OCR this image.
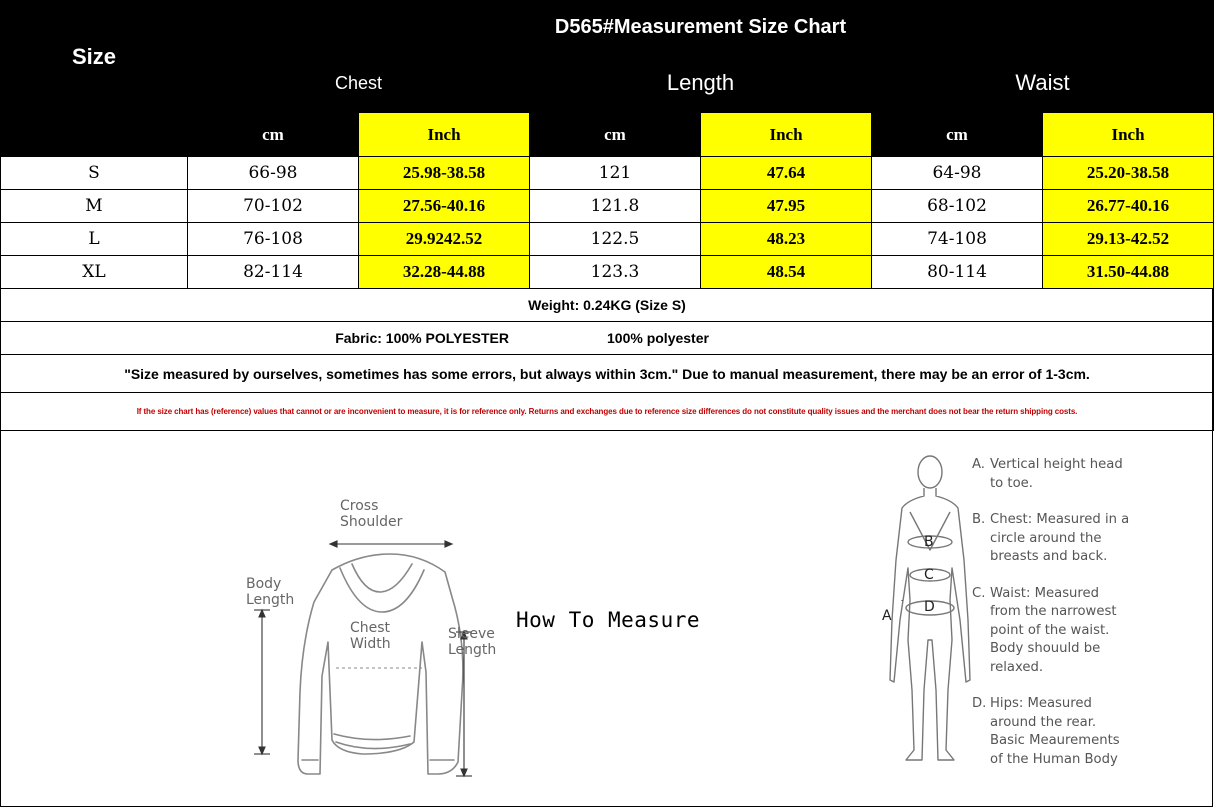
Size	D565#Measurement Size Chart					
	Chest		Length		Waist	
	cm	Inch	cm	Inch	cm	Inch
S	66-98	25.98-38.58	121	47.64	64-98	25.20-38.58
M	70-102	27.56-40.16	121.8	47.95	68-102	26.77-40.16
L	76-108	29.9242.52	122.5	48.23	74-108	29.13-42.52
XL	82-114	32.28-44.88	123.3	48.54	80-114	31.50-44.88
Weight: 0.24KG (Size S)						
Fabric: 100% POLYESTER 100% polyester						
"Size measured by ourselves, sometimes has some errors, but always within 3cm." Due to manual measurement, there may be an error of 1-3cm.						
If the size chart has (reference) values that cannot or are inconvenient to measure, it is for reference only. Returns and exchanges due to reference size differences do not constitute quality issues and the merchant does not bear the return shipping costs.						
Cross
Shoulder
Body
Length
Chest
Width
Sleeve
Length
How To Measure
B
C
D
A
A. Vertical height head
to toe.
B. Chest: Measured in a
circle around the
breasts and back.
C. Waist: Measured
from the narrowest
point of the waist.
Body shouuld be
relaxed.
D. Hips: Measured
around the rear.
Basic Meaurements
of the Human Body
